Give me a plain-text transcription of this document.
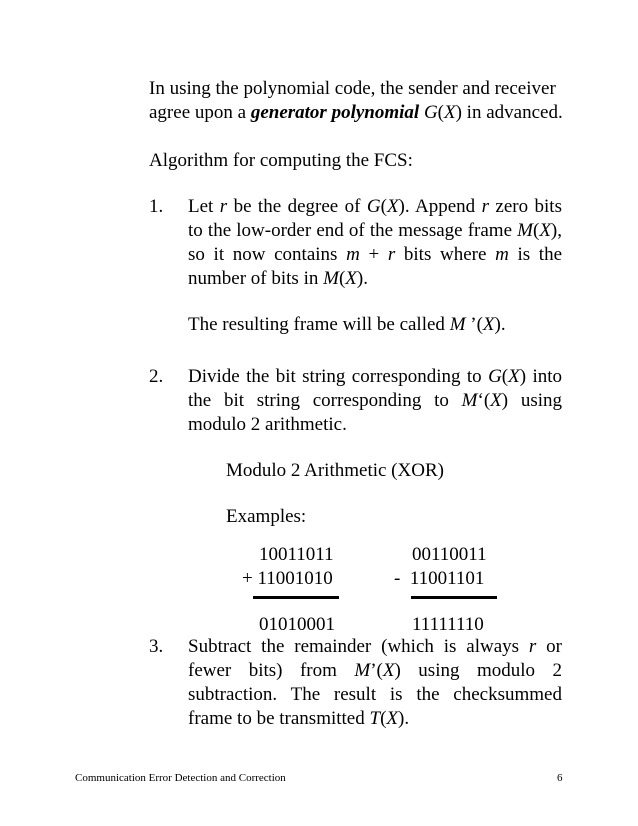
In using the polynomial code, the sender and receiver
agree upon a generator polynomial G(X) in advanced.
Algorithm for computing the FCS:
1. Let r be the degree of G(X). Append r zero bits
to the low-order end of the message frame M(X),
so it now contains m + r bits where m is the
number of bits in M(X).
The resulting frame will be called M ’(X).
2. Divide the bit string corresponding to G(X) into
the bit string corresponding to M‘(X) using
modulo 2 arithmetic.
Modulo 2 Arithmetic (XOR)
Examples:
10011011
+ 11001010
01010001
00110011
-  11001101
11111110
3. Subtract the remainder (which is always r or
fewer bits) from M’(X) using modulo 2
subtraction. The result is the checksummed
frame to be transmitted T(X).
Communication Error Detection and Correction	6
